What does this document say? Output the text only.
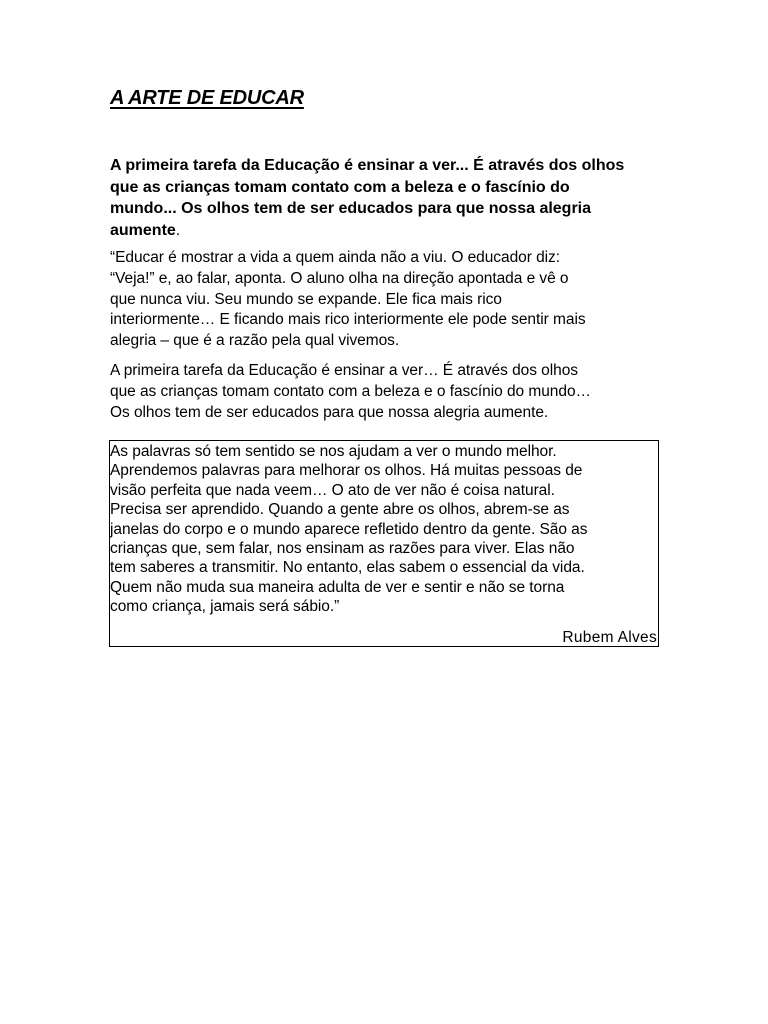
A ARTE DE EDUCAR

A primeira tarefa da Educação é ensinar a ver... É através dos olhos
que as crianças tomam contato com a beleza e o fascínio do
mundo... Os olhos tem de ser educados para que nossa alegria
aumente.

“Educar é mostrar a vida a quem ainda não a viu. O educador diz:
“Veja!” e, ao falar, aponta. O aluno olha na direção apontada e vê o
que nunca viu. Seu mundo se expande. Ele fica mais rico
interiormente… E ficando mais rico interiormente ele pode sentir mais
alegria – que é a razão pela qual vivemos.

A primeira tarefa da Educação é ensinar a ver… É através dos olhos
que as crianças tomam contato com a beleza e o fascínio do mundo…
Os olhos tem de ser educados para que nossa alegria aumente.

As palavras só tem sentido se nos ajudam a ver o mundo melhor.
Aprendemos palavras para melhorar os olhos. Há muitas pessoas de
visão perfeita que nada veem… O ato de ver não é coisa natural.
Precisa ser aprendido. Quando a gente abre os olhos, abrem-se as
janelas do corpo e o mundo aparece refletido dentro da gente. São as
crianças que, sem falar, nos ensinam as razões para viver. Elas não
tem saberes a transmitir. No entanto, elas sabem o essencial da vida.
Quem não muda sua maneira adulta de ver e sentir e não se torna
como criança, jamais será sábio.”

Rubem Alves
